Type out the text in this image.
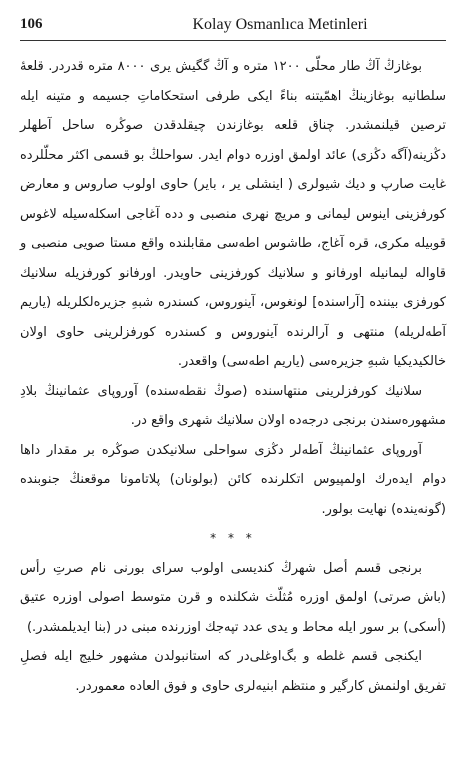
106	Kolay Osmanlıca Metinleri

بوغازڭ آڭ طار محلّی ۱۲۰۰ متره و آڭ گگیش یری ۸۰۰۰ متره قدردر. قلعهٔ سلطانیه بوغازینڭ اهمّیتنه بناءً ایکی طرفی استحکاماتِ جسیمه و متینه ایله ترصین قیلنمشدر. چناق قلعه بوغازندن چیقلدقدن صوڭره ساحل آطهلر دڭزینه(آگه دڭزی) عائد اولمق اوزره دوام ایدر. سواحلڭ بو قسمی اکثر محلّلرده غایت صارپ و دیك شیولری ( اینشلی یر ، بایر) حاوی اولوب صاروس و معارض کورفزینی اینوس لیمانی و مریچ نهری منصبی و دده آغاجی اسکله‌سیله لاغوس قوبیله مکری، قره آغاج، طاشوس اطه‌سی مقابلنده واقع مستا صویی منصبی و قاواله لیمانیله اورفانو و سلانیك کورفزینی حاویدر. اورفانو کورفزیله سلانیك کورفزی بیننده [آراسنده] لونغوس، آینوروس، کسندره شبهِ جزیره‌لکلریله (یاریم آطه‌لریله) منتهی و آرالرنده آینوروس و کسندره کورفزلرینی حاوی اولان خالکیدیکیا شبهِ جزیره‌سی (یاریم اطه‌سی) واقعدر.

سلانیك کورفزلرینی منتهاسنده (صوڭ نقطه‌سنده) آوروپای عثمانینڭ بلادِ مشهوره‌سندن برنجی درجه‌ده اولان سلانیك شهری واقع در.

آوروپای عثمانینڭ آطه‌لر دڭزی سواحلی سلانیکدن صوڭره بر مقدار داها دوام ایده‌رك اولمپیوس اتکلرنده کائن (بولونان) پلاتامونا موقعنڭ جنوبنده (گونه‌یندە) نهایت بولور.

* * *

برنجی قسم أصل شهرڭ کندیسی اولوب سرای بورنی نام صرتِ رأس (باش صرتی) اولمق اوزره مُثلّث شکلنده و قرن متوسط اصولی اوزره عتیق (أسکی) بر سور ایله محاط و یدی عدد تپه‌جك اوزرنده مبنی در (بنا ایدیلمشدر.)

ایکنجی قسم غلطه و بگ‌اوغلی‌در که استانبولدن مشهور خلیج ایله فصلِ تفریق اولنمش کارگیر و منتظم ابنیه‌لری حاوی و فوق العاده معموردر.
